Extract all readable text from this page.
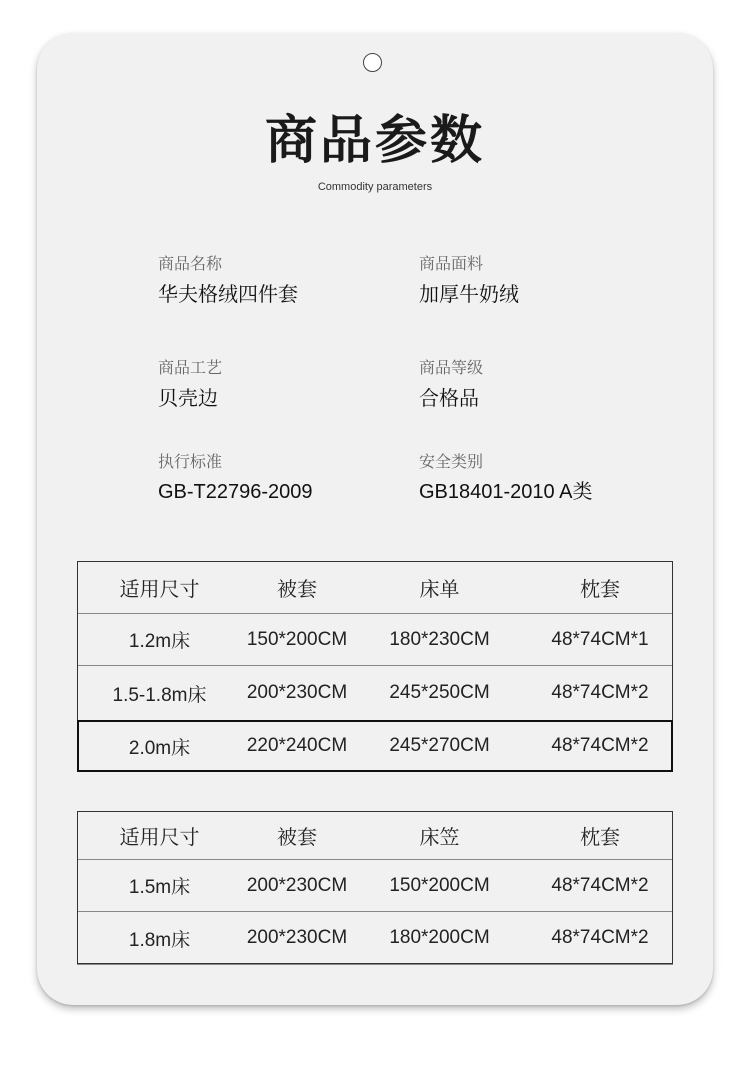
商品参数
Commodity parameters
商品名称
华夫格绒四件套
商品面料
加厚牛奶绒
商品工艺
贝壳边
商品等级
合格品
执行标准
GB-T22796-2009
安全类别
GB18401-2010 A类
适用尺寸	被套	床单	枕套
1.2m床	150*200CM	180*230CM	48*74CM*1
1.5-1.8m床	200*230CM	245*250CM	48*74CM*2
2.0m床	220*240CM	245*270CM	48*74CM*2
适用尺寸	被套	床笠	枕套
1.5m床	200*230CM	150*200CM	48*74CM*2
1.8m床	200*230CM	180*200CM	48*74CM*2
